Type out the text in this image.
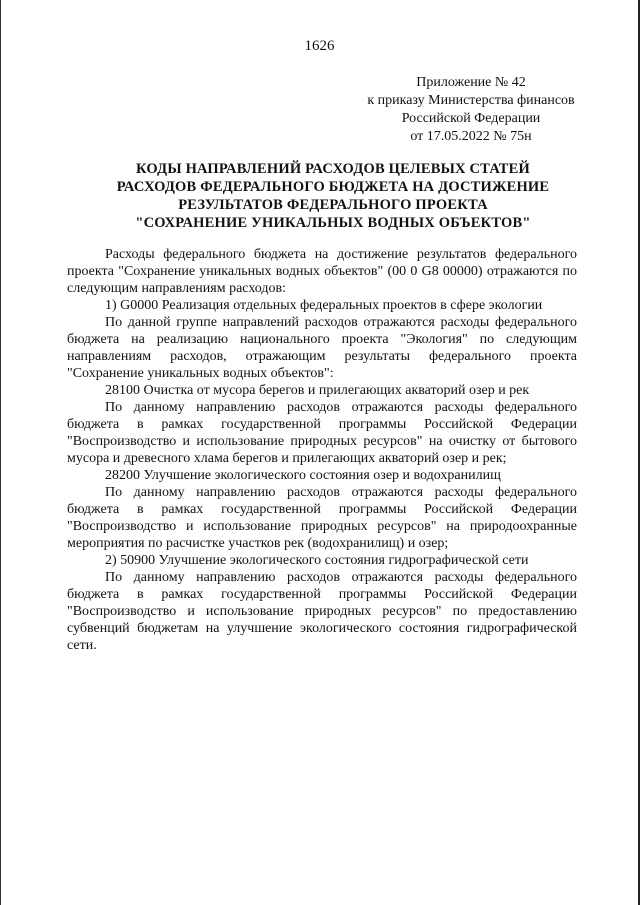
1626
Приложение № 42
к приказу Министерства финансов
Российской Федерации
от 17.05.2022 № 75н
КОДЫ НАПРАВЛЕНИЙ РАСХОДОВ ЦЕЛЕВЫХ СТАТЕЙ
РАСХОДОВ ФЕДЕРАЛЬНОГО БЮДЖЕТА НА ДОСТИЖЕНИЕ
РЕЗУЛЬТАТОВ ФЕДЕРАЛЬНОГО ПРОЕКТА
"СОХРАНЕНИЕ УНИКАЛЬНЫХ ВОДНЫХ ОБЪЕКТОВ"

Расходы федерального бюджета на достижение результатов федерального проекта "Сохранение уникальных водных объектов" (00 0 G8 00000) отражаются по следующим направлениям расходов:

1) G0000 Реализация отдельных федеральных проектов в сфере экологии

По данной группе направлений расходов отражаются расходы федерального бюджета на реализацию национального проекта "Экология" по следующим направлениям расходов, отражающим результаты федерального проекта "Сохранение уникальных водных объектов":

28100 Очистка от мусора берегов и прилегающих акваторий озер и рек

По данному направлению расходов отражаются расходы федерального бюджета в рамках государственной программы Российской Федерации "Воспроизводство и использование природных ресурсов" на очистку от бытового мусора и древесного хлама берегов и прилегающих акваторий озер и рек;

28200 Улучшение экологического состояния озер и водохранилищ

По данному направлению расходов отражаются расходы федерального бюджета в рамках государственной программы Российской Федерации "Воспроизводство и использование природных ресурсов" на природоохранные мероприятия по расчистке участков рек (водохранилищ) и озер;

2) 50900 Улучшение экологического состояния гидрографической сети

По данному направлению расходов отражаются расходы федерального бюджета в рамках государственной программы Российской Федерации "Воспроизводство и использование природных ресурсов" по предоставлению субвенций бюджетам на улучшение экологического состояния гидрографической сети.
